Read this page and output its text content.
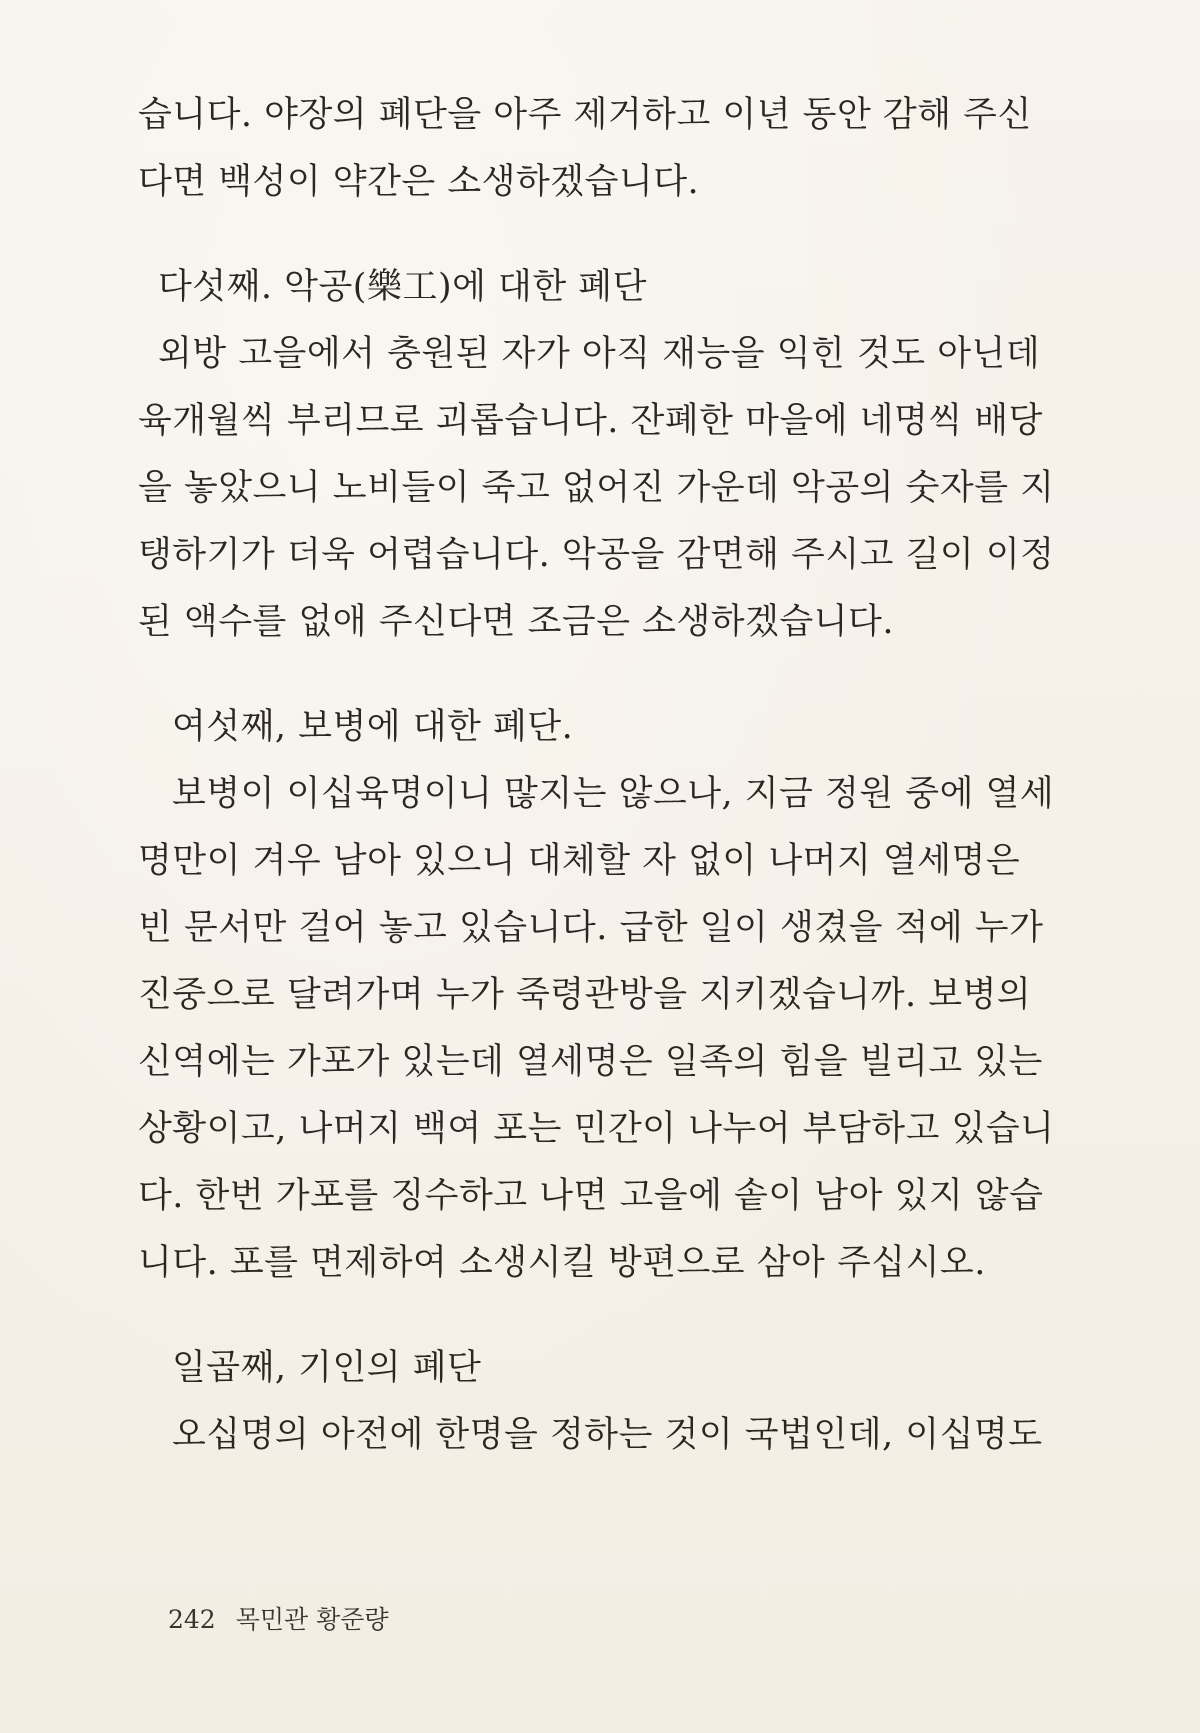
습니다. 야장의 폐단을 아주 제거하고 이년 동안 감해 주신
다면 백성이 약간은 소생하겠습니다.
다섯째. 악공(樂工)에 대한 폐단
외방 고을에서 충원된 자가 아직 재능을 익힌 것도 아닌데
육개월씩 부리므로 괴롭습니다. 잔폐한 마을에 네명씩 배당
을 놓았으니 노비들이 죽고 없어진 가운데 악공의 숫자를 지
탱하기가 더욱 어렵습니다. 악공을 감면해 주시고 길이 이정
된 액수를 없애 주신다면 조금은 소생하겠습니다.
여섯째, 보병에 대한 폐단.
보병이 이십육명이니 많지는 않으나, 지금 정원 중에 열세
명만이 겨우 남아 있으니 대체할 자 없이 나머지 열세명은
빈 문서만 걸어 놓고 있습니다. 급한 일이 생겼을 적에 누가
진중으로 달려가며 누가 죽령관방을 지키겠습니까. 보병의
신역에는 가포가 있는데 열세명은 일족의 힘을 빌리고 있는
상황이고, 나머지 백여 포는 민간이 나누어 부담하고 있습니
다. 한번 가포를 징수하고 나면 고을에 솥이 남아 있지 않습
니다. 포를 면제하여 소생시킬 방편으로 삼아 주십시오.
일곱째, 기인의 폐단
오십명의 아전에 한명을 정하는 것이 국법인데, 이십명도
242 목민관 황준량
